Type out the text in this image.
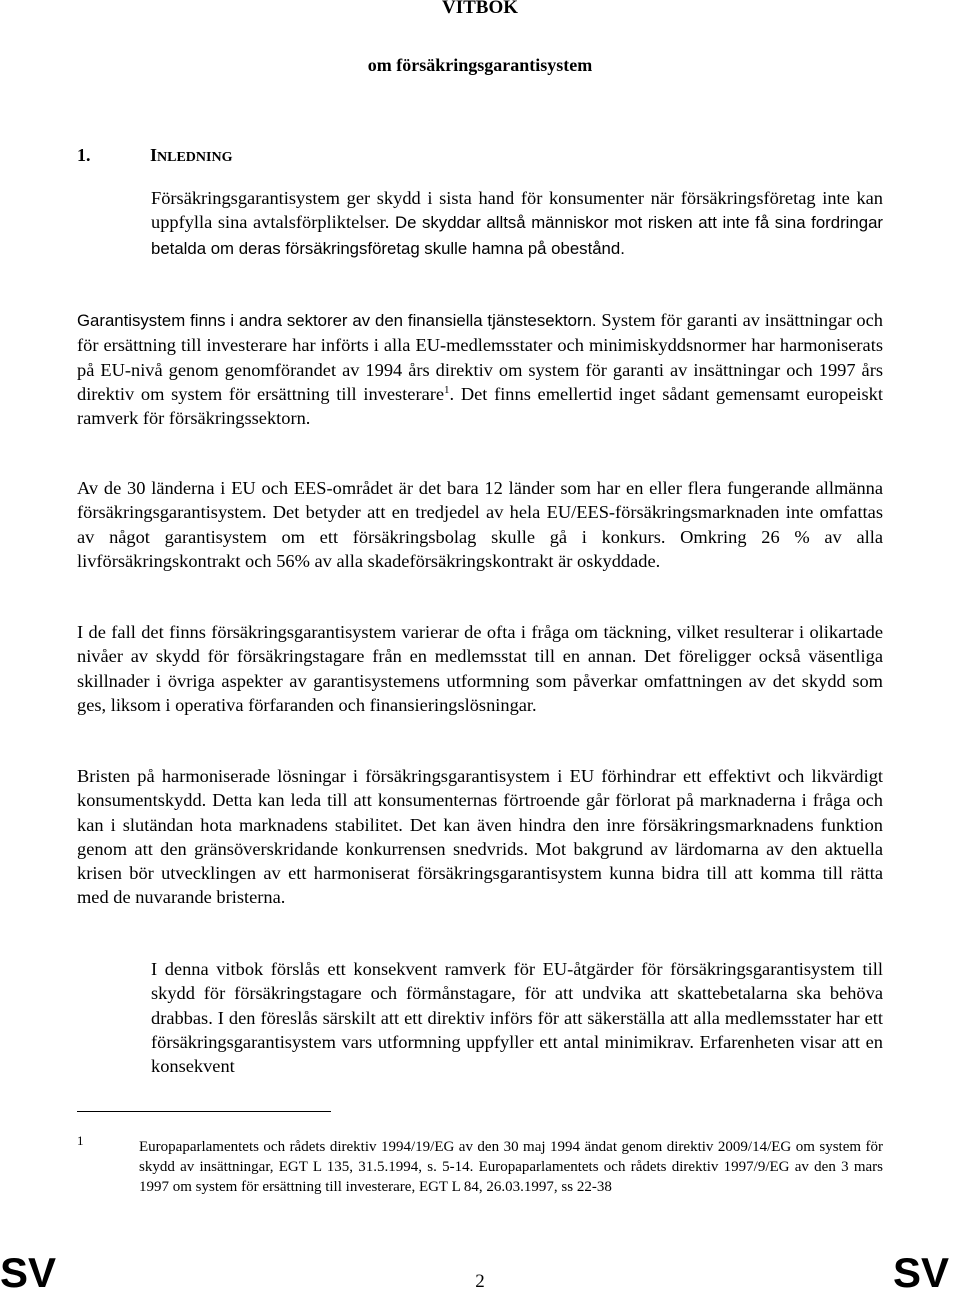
VITBOK
om försäkringsgarantisystem
1.	INLEDNING
Försäkringsgarantisystem ger skydd i sista hand för konsumenter när försäkringsföretag inte kan uppfylla sina avtalsförpliktelser. De skyddar alltså människor mot risken att inte få sina fordringar betalda om deras försäkringsföretag skulle hamna på obestånd.
Garantisystem finns i andra sektorer av den finansiella tjänstesektorn. System för garanti av insättningar och för ersättning till investerare har införts i alla EU-medlemsstater och minimiskyddsnormer har harmoniserats på EU-nivå genom genomförandet av 1994 års direktiv om system för garanti av insättningar och 1997 års direktiv om system för ersättning till investerare$^1$. Det finns emellertid inget sådant gemensamt europeiskt ramverk för försäkringssektorn.
Av de 30 länderna i EU och EES-området är det bara 12 länder som har en eller flera fungerande allmänna försäkringsgarantisystem. Det betyder att en tredjedel av hela EU/EES-försäkringsmarknaden inte omfattas av något garantisystem om ett försäkringsbolag skulle gå i konkurs. Omkring 26 % av alla livförsäkringskontrakt och 56% av alla skadeförsäkringskontrakt är oskyddade.
I de fall det finns försäkringsgarantisystem varierar de ofta i fråga om täckning, vilket resulterar i olikartade nivåer av skydd för försäkringstagare från en medlemsstat till en annan. Det föreligger också väsentliga skillnader i övriga aspekter av garantisystemens utformning som påverkar omfattningen av det skydd som ges, liksom i operativa förfaranden och finansieringslösningar.
Bristen på harmoniserade lösningar i försäkringsgarantisystem i EU förhindrar ett effektivt och likvärdigt konsumentskydd. Detta kan leda till att konsumenternas förtroende går förlorat på marknaderna i fråga och kan i slutändan hota marknadens stabilitet. Det kan även hindra den inre försäkringsmarknadens funktion genom att den gränsöverskridande konkurrensen snedvrids. Mot bakgrund av lärdomarna av den aktuella krisen bör utvecklingen av ett harmoniserat försäkringsgarantisystem kunna bidra till att komma till rätta med de nuvarande bristerna.
I denna vitbok förslås ett konsekvent ramverk för EU-åtgärder för försäkringsgarantisystem till skydd för försäkringstagare och förmånstagare, för att undvika att skattebetalarna ska behöva drabbas. I den föreslås särskilt att ett direktiv införs för att säkerställa att alla medlemsstater har ett försäkringsgarantisystem vars utformning uppfyller ett antal minimikrav. Erfarenheten visar att en konsekvent
1	Europaparlamentets och rådets direktiv 1994/19/EG av den 30 maj 1994 ändat genom direktiv 2009/14/EG om system för skydd av insättningar, EGT L 135, 31.5.1994, s. 5-14. Europaparlamentets och rådets direktiv 1997/9/EG av den 3 mars 1997 om system för ersättning till investerare, EGT L 84, 26.03.1997, ss 22-38
SV	2	SV
